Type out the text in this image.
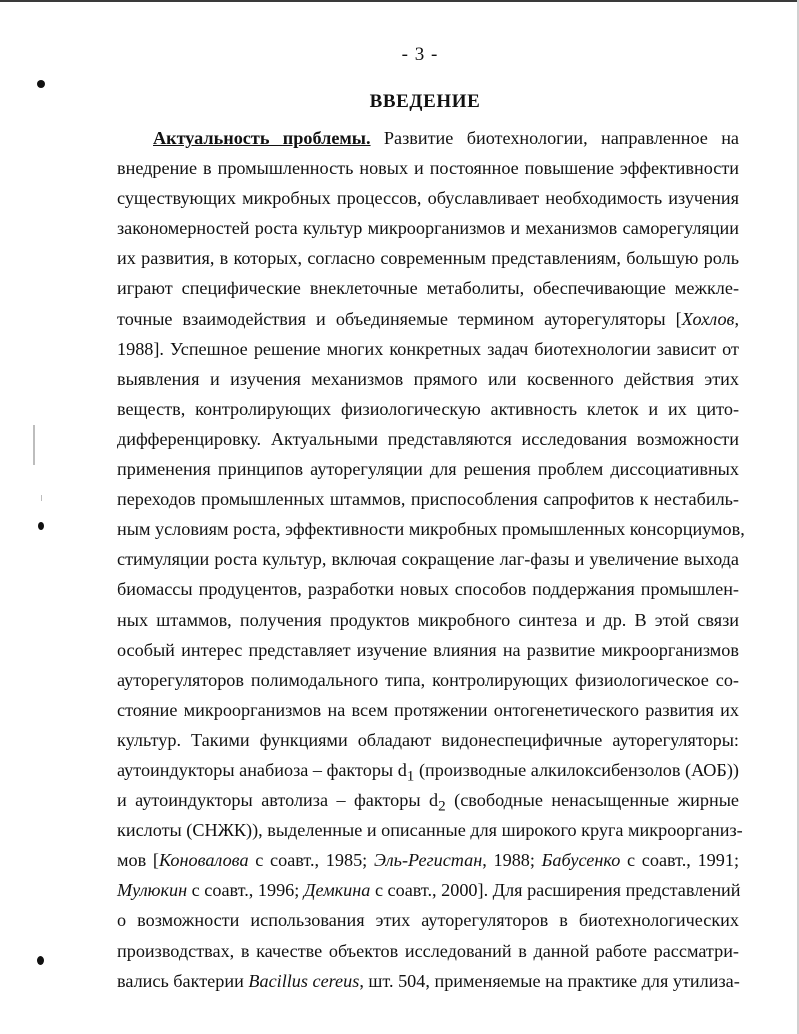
- 3 -
ВВЕДЕНИЕ
Актуальность проблемы. Развитие биотехнологии, направленное на
внедрение в промышленность новых и постоянное повышение эффективности
существующих микробных процессов, обуславливает необходимость изучения
закономерностей роста культур микроорганизмов и механизмов саморегуляции
их развития, в которых, согласно современным представлениям, большую роль
играют специфические внеклеточные метаболиты, обеспечивающие межкле-
точные взаимодействия и объединяемые термином ауторегуляторы [Хохлов,
1988]. Успешное решение многих конкретных задач биотехнологии зависит от
выявления и изучения механизмов прямого или косвенного действия этих
веществ, контролирующих физиологическую активность клеток и их цито-
дифференцировку. Актуальными представляются исследования возможности
применения принципов ауторегуляции для решения проблем диссоциативных
переходов промышленных штаммов, приспособления сапрофитов к нестабиль-
ным условиям роста, эффективности микробных промышленных консорциумов,
стимуляции роста культур, включая сокращение лаг-фазы и увеличение выхода
биомассы продуцентов, разработки новых способов поддержания промышлен-
ных штаммов, получения продуктов микробного синтеза и др. В этой связи
особый интерес представляет изучение влияния на развитие микроорганизмов
ауторегуляторов полимодального типа, контролирующих физиологическое со-
стояние микроорганизмов на всем протяжении онтогенетического развития их
культур. Такими функциями обладают видонеспецифичные ауторегуляторы:
аутоиндукторы анабиоза – факторы $d_1$ (производные алкилоксибензолов (АОБ))
и аутоиндукторы автолиза – факторы $d_2$ (свободные ненасыщенные жирные
кислоты (СНЖК)), выделенные и описанные для широкого круга микроорганиз-
мов [Коновалова с соавт., 1985; Эль-Регистан, 1988; Бабусенко с соавт., 1991;
Мулюкин с соавт., 1996; Демкина с соавт., 2000]. Для расширения представлений
о возможности использования этих ауторегуляторов в биотехнологических
производствах, в качестве объектов исследований в данной работе рассматри-
вались бактерии Bacillus cereus, шт. 504, применяемые на практике для утилиза-
